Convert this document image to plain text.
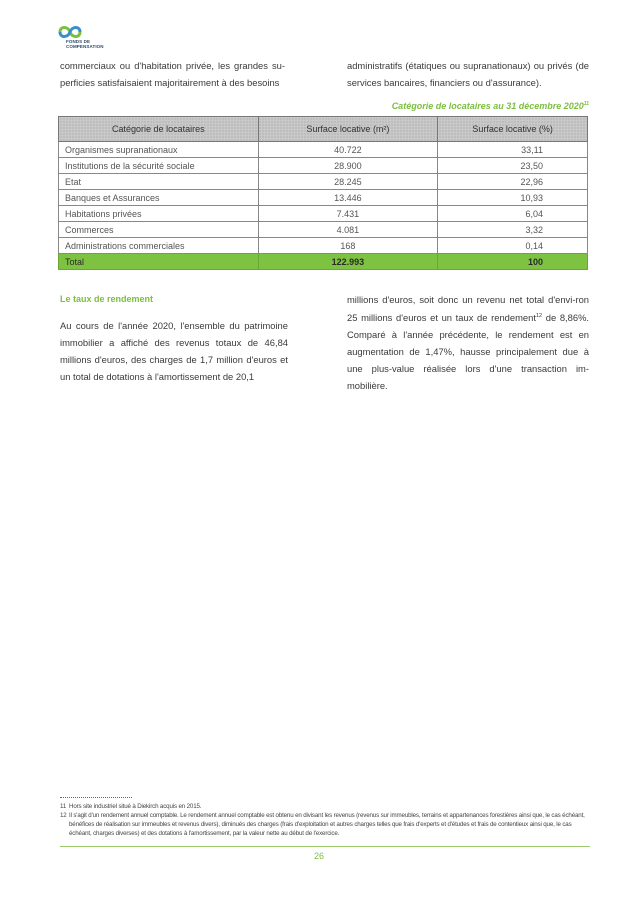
FONDS DE
COMPENSATION
commerciaux ou d'habitation privée, les grandes su-perficies satisfaisaient majoritairement à des besoins
administratifs (étatiques ou supranationaux) ou privés (de services bancaires, financiers ou d'assurance).
Catégorie de locataires au 31 décembre 2020$^{11}$
Catégorie de locataires	Surface locative (m²)	Surface locative (%)
Organismes supranationaux	40.722	33,11
Institutions de la sécurité sociale	28.900	23,50
Etat	28.245	22,96
Banques et Assurances	13.446	10,93
Habitations privées	7.431	6,04
Commerces	4.081	3,32
Administrations commerciales	168	0,14
Total	122.993	100
Le taux de rendement
Au cours de l'année 2020, l'ensemble du patrimoine immobilier a affiché des revenus totaux de 46,84 millions d'euros, des charges de 1,7 million d'euros et un total de dotations à l'amortissement de 20,1
millions d'euros, soit donc un revenu net total d'envi-ron 25 millions d'euros et un taux de rendement$^{12}$ de 8,86%. Comparé à l'année précédente, le rendement est en augmentation de 1,47%, hausse principalement due à une plus-value réalisée lors d'une transaction im-mobilière.
11 Hors site industriel situé à Diekirch acquis en 2015.
12 Il s'agit d'un rendement annuel comptable. Le rendement annuel comptable est obtenu en divisant les revenus (revenus sur immeubles, terrains et appartenances forestières ainsi que, le cas échéant, bénéfices de réalisation sur immeubles et revenus divers), diminués des charges (frais d'exploitation et autres charges telles que frais d'experts et d'études et frais de contentieux ainsi que, le cas échéant, charges diverses) et des dotations à l'amortissement, par la valeur nette au début de l'exercice.
26
